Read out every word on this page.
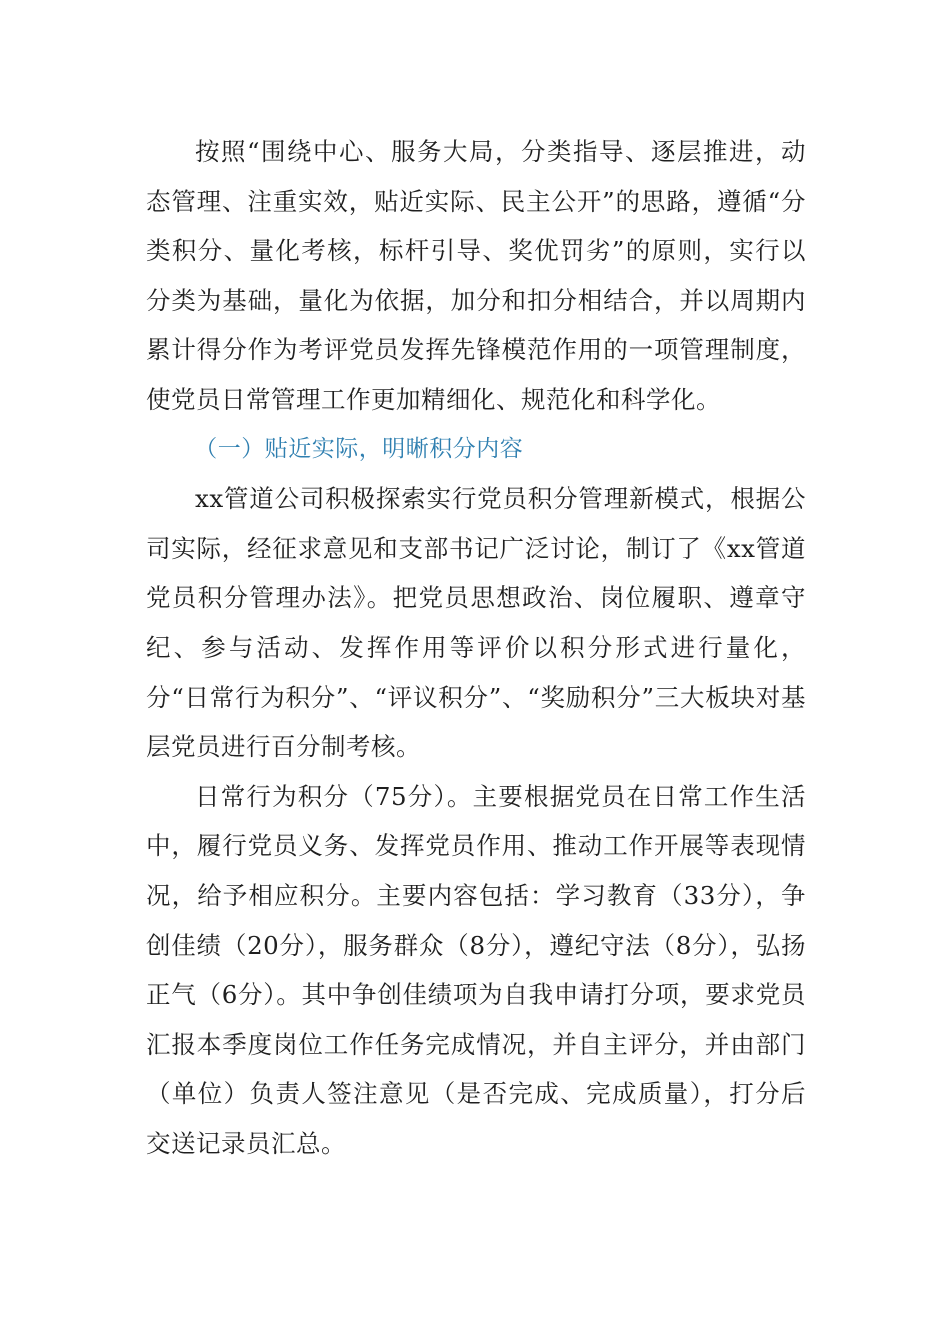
按照“围绕中心、服务大局，分类指导、逐层推进，动态管理、注重实效，贴近实际、民主公开”的思路，遵循“分类积分、量化考核，标杆引导、奖优罚劣”的原则，实行以分类为基础，量化为依据，加分和扣分相结合，并以周期内累计得分作为考评党员发挥先锋模范作用的一项管理制度，使党员日常管理工作更加精细化、规范化和科学化。

（一）贴近实际，明晰积分内容

xx管道公司积极探索实行党员积分管理新模式，根据公司实际，经征求意见和支部书记广泛讨论，制订了《xx管道党员积分管理办法》。把党员思想政治、岗位履职、遵章守纪、参与活动、发挥作用等评价以积分形式进行量化，分“日常行为积分”、“评议积分”、“奖励积分”三大板块对基层党员进行百分制考核。

日常行为积分（75分）。主要根据党员在日常工作生活中，履行党员义务、发挥党员作用、推动工作开展等表现情况，给予相应积分。主要内容包括：学习教育（33分），争创佳绩（20分），服务群众（8分），遵纪守法（8分），弘扬正气（6分）。其中争创佳绩项为自我申请打分项，要求党员汇报本季度岗位工作任务完成情况，并自主评分，并由部门（单位）负责人签注意见（是否完成、完成质量），打分后交送记录员汇总。
